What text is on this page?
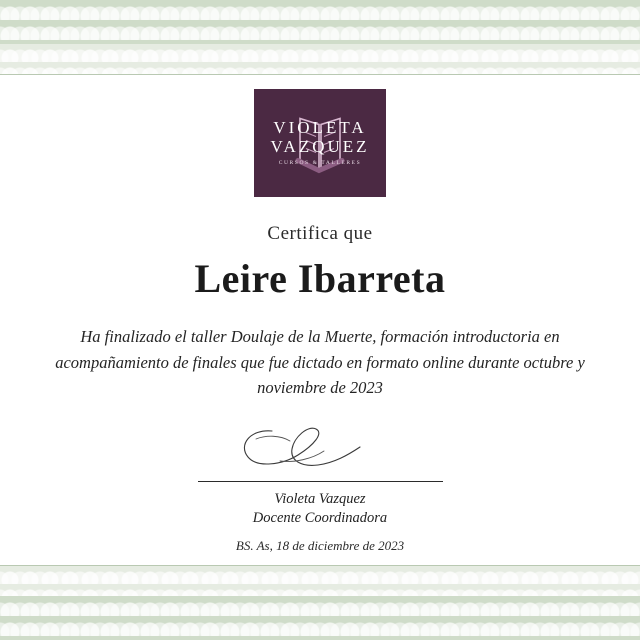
VIOLETA
VAZQUEZ
CURSOS & TALLERES
Certifica que
Leire Ibarreta
Ha finalizado el taller Doulaje de la Muerte, formación introductoria en acompañamiento de finales que fue dictado en formato online durante octubre y noviembre de 2023
Violeta Vazquez
Docente Coordinadora
BS. As, 18 de diciembre de 2023
